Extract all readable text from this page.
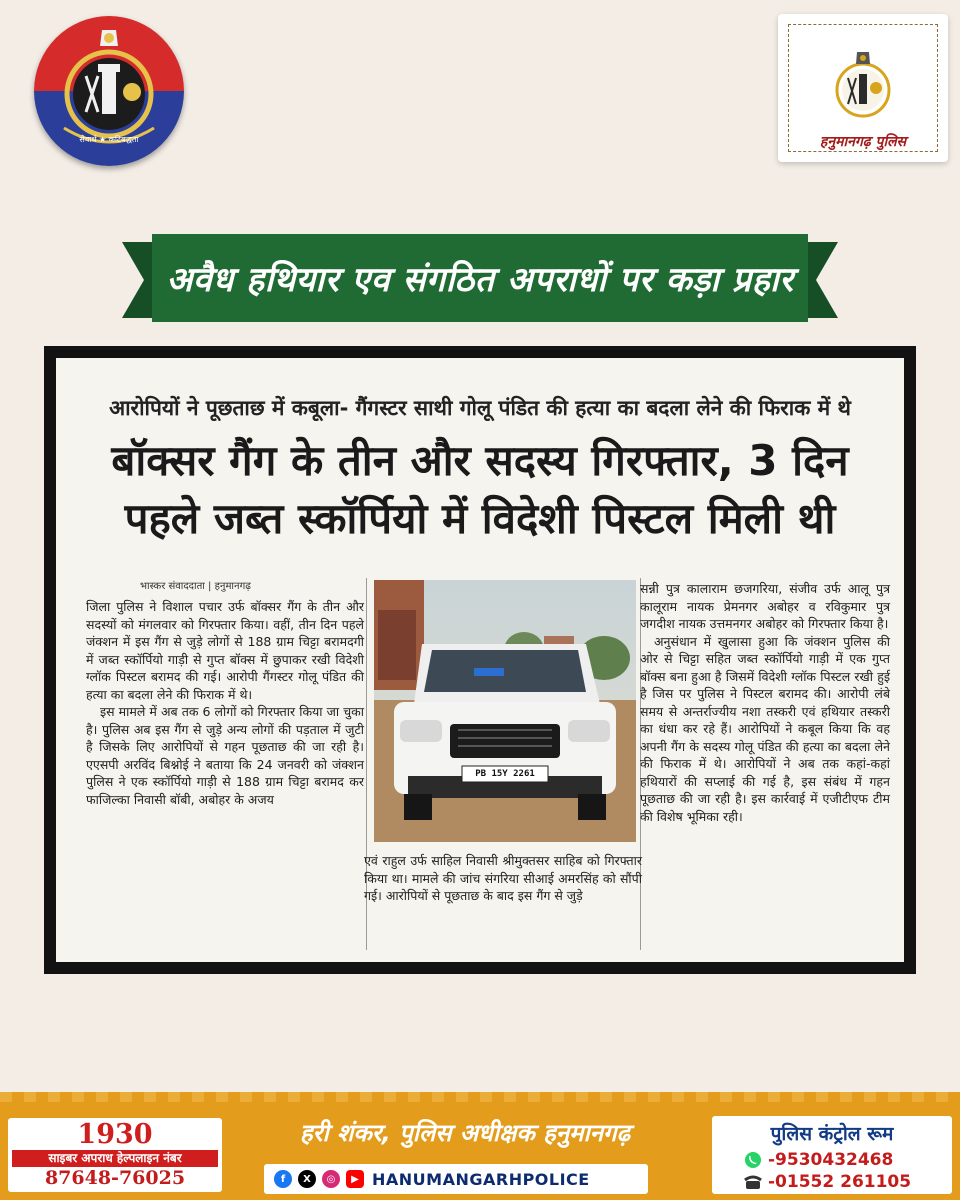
सेवार्थ ★ कटिबद्धता	हनुमानगढ़ पुलिस
अवैध हथियार एव संगठित अपराधों पर कड़ा प्रहार
आरोपियों ने पूछताछ में कबूला- गैंगस्टर साथी गोलू पंडित की हत्या का बदला लेने की फिराक में थे
बॉक्सर गैंग के तीन और सदस्य गिरफ्तार, 3 दिन
पहले जब्त स्कॉर्पियो में विदेशी पिस्टल मिली थी
भास्कर संवाददाता | हनुमानगढ़

जिला पुलिस ने विशाल पचार उर्फ बॉक्सर गैंग के तीन और सदस्यों को मंगलवार को गिरफ्तार किया। वहीं, तीन दिन पहले जंक्शन में इस गैंग से जुड़े लोगों से 188 ग्राम चिट्टा बरामदगी में जब्त स्कॉर्पियो गाड़ी से गुप्त बॉक्स में छुपाकर रखी विदेशी ग्लॉक पिस्टल बरामद की गई। आरोपी गैंगस्टर गोलू पंडित की हत्या का बदला लेने की फिराक में थे।

इस मामले में अब तक 6 लोगों को गिरफ्तार किया जा चुका है। पुलिस अब इस गैंग से जुड़े अन्य लोगों की पड़ताल में जुटी है जिसके लिए आरोपियों से गहन पूछताछ की जा रही है। एएसपी अरविंद बिश्नोई ने बताया कि 24 जनवरी को जंक्शन पुलिस ने एक स्कॉर्पियो गाड़ी से 188 ग्राम चिट्टा बरामद कर फाजिल्का निवासी बॉबी, अबोहर के अजय

PB 15Y 2261

एवं राहुल उर्फ साहिल निवासी श्रीमुक्तसर साहिब को गिरफ्तार किया था। मामले की जांच संगरिया सीआई अमरसिंह को सौंपी गई। आरोपियों से पूछताछ के बाद इस गैंग से जुड़े

सन्नी पुत्र कालाराम छजगरिया, संजीव उर्फ आलू पुत्र कालूराम नायक प्रेमनगर अबोहर व रविकुमार पुत्र जगदीश नायक उत्तमनगर अबोहर को गिरफ्तार किया है।

अनुसंधान में खुलासा हुआ कि जंक्शन पुलिस की ओर से चिट्टा सहित जब्त स्कॉर्पियो गाड़ी में एक गुप्त बॉक्स बना हुआ है जिसमें विदेशी ग्लॉक पिस्टल रखी हुई है जिस पर पुलिस ने पिस्टल बरामद की। आरोपी लंबे समय से अन्तर्राज्यीय नशा तस्करी एवं हथियार तस्करी का धंधा कर रहे हैं। आरोपियों ने कबूल किया कि वह अपनी गैंग के सदस्य गोलू पंडित की हत्या का बदला लेने की फिराक में थे। आरोपियों ने अब तक कहां-कहां हथियारों की सप्लाई की गई है, इस संबंध में गहन पूछताछ की जा रही है। इस कार्रवाई में एजीटीएफ टीम की विशेष भूमिका रही।

1930
साइबर अपराध हेल्पलाइन नंबर
87648-76025
हरी शंकर, पुलिस अधीक्षक हनुमानगढ़
f	X	◎	▶ HANUMANGARHPOLICE
पुलिस कंट्रोल रूम
-9530432468
-01552 261105
